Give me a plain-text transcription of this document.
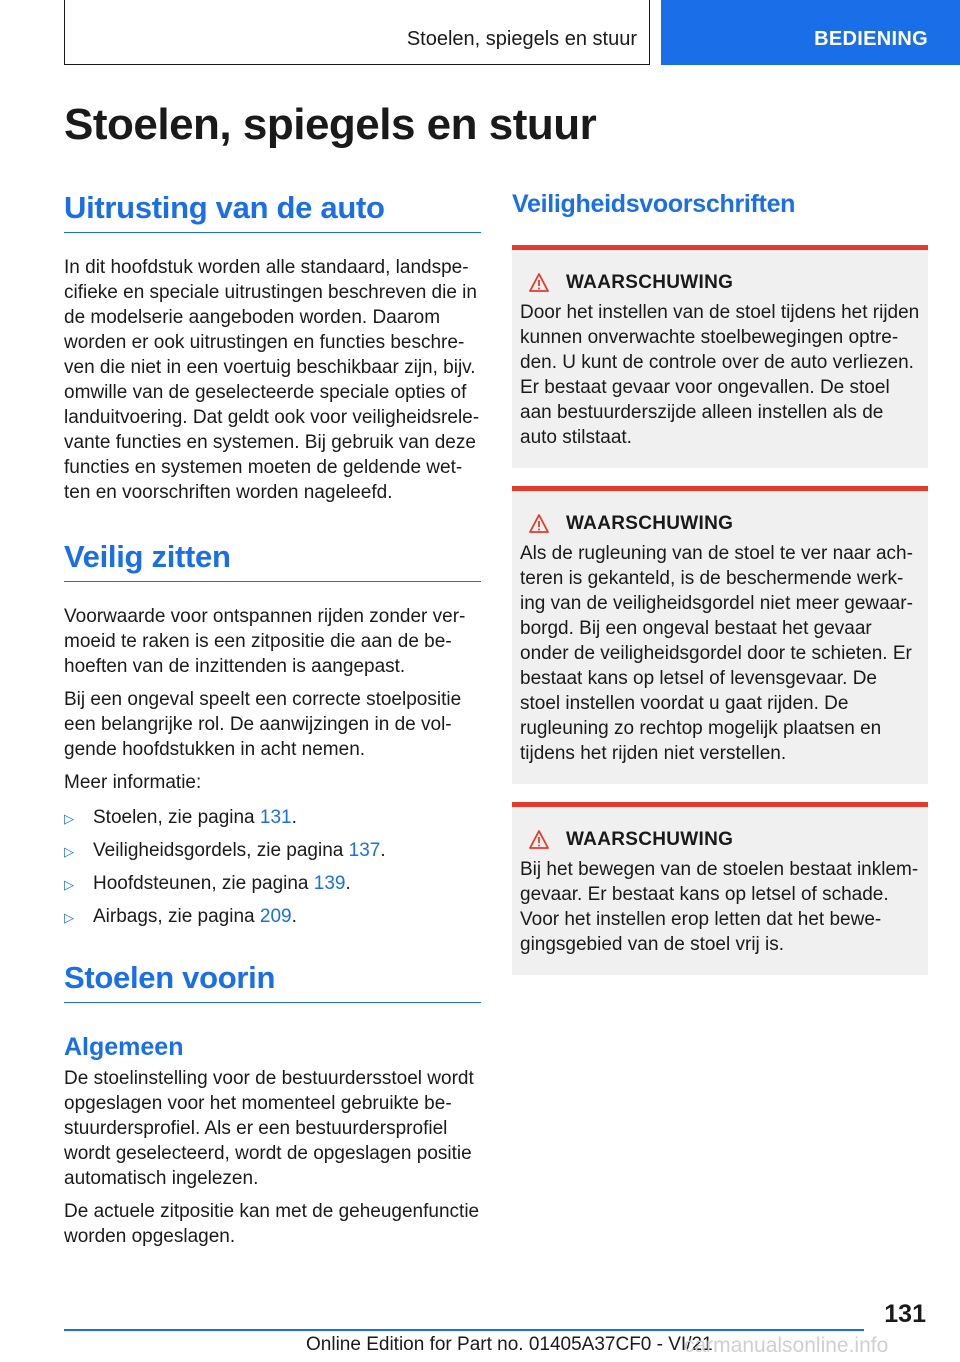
Stoelen, spiegels en stuur	BEDIENING
Stoelen, spiegels en stuur
Uitrusting van de auto

In dit hoofdstuk worden alle standaard, landspecifieke en speciale uitrustingen beschreven die in de modelserie aangeboden worden. Daarom worden er ook uitrustingen en functies beschreven die niet in een voertuig beschikbaar zijn, bijv. omwille van de geselecteerde speciale opties of landuitvoering. Dat geldt ook voor veiligheidsrelevante functies en systemen. Bij gebruik van deze functies en systemen moeten de geldende wetten en voorschriften worden nageleefd.

Veilig zitten

Voorwaarde voor ontspannen rijden zonder vermoeid te raken is een zitpositie die aan de behoeften van de inzittenden is aangepast.

Bij een ongeval speelt een correcte stoelpositie een belangrijke rol. De aanwijzingen in de volgende hoofdstukken in acht nemen.

Meer informatie:

▷	Stoelen, zie pagina 131.
▷	Veiligheidsgordels, zie pagina 137.
▷	Hoofdsteunen, zie pagina 139.
▷	Airbags, zie pagina 209.
Stoelen voorin
Algemeen

De stoelinstelling voor de bestuurdersstoel wordt opgeslagen voor het momenteel gebruikte bestuurdersprofiel. Als er een bestuurdersprofiel wordt geselecteerd, wordt de opgeslagen positie automatisch ingelezen.

De actuele zitpositie kan met de geheugenfunctie worden opgeslagen.

Veiligheidsvoorschriften
WAARSCHUWING

Door het instellen van de stoel tijdens het rijden kunnen onverwachte stoelbewegingen optreden. U kunt de controle over de auto verliezen. Er bestaat gevaar voor ongevallen. De stoel aan bestuurderszijde alleen instellen als de auto stilstaat.

WAARSCHUWING

Als de rugleuning van de stoel te ver naar achteren is gekanteld, is de beschermende werking van de veiligheidsgordel niet meer gewaarborgd. Bij een ongeval bestaat het gevaar onder de veiligheidsgordel door te schieten. Er bestaat kans op letsel of levensgevaar. De stoel instellen voordat u gaat rijden. De rugleuning zo rechtop mogelijk plaatsen en tijdens het rijden niet verstellen.

WAARSCHUWING

Bij het bewegen van de stoelen bestaat inklemgevaar. Er bestaat kans op letsel of schade. Voor het instellen erop letten dat het bewegingsgebied van de stoel vrij is.

131
Online Edition for Part no. 01405A37CF0 - VI/21
carmanualsonline.info
